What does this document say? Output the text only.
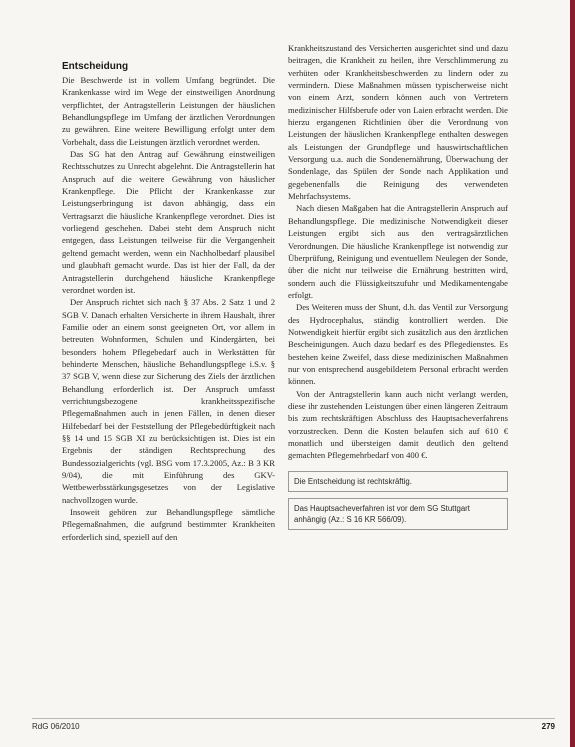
Entscheidung

Die Beschwerde ist in vollem Umfang begründet. Die Krankenkasse wird im Wege der einstweiligen Anordnung verpflichtet, der Antragstellerin Leistungen der häuslichen Behandlungspflege im Umfang der ärztlichen Verordnungen zu gewähren. Eine weitere Bewilligung erfolgt unter dem Vorbehalt, dass die Leistungen ärztlich verordnet werden.

Das SG hat den Antrag auf Gewährung einstweiligen Rechtsschutzes zu Unrecht abgelehnt. Die Antragstellerin hat Anspruch auf die weitere Gewährung von häuslicher Krankenpflege. Die Pflicht der Krankenkasse zur Leistungserbringung ist davon abhängig, dass ein Vertragsarzt die häusliche Krankenpflege verordnet. Dies ist vorliegend geschehen. Dabei steht dem Anspruch nicht entgegen, dass Leistungen teilweise für die Vergangenheit geltend gemacht werden, wenn ein Nachholbedarf plausibel und glaubhaft gemacht wurde. Das ist hier der Fall, da der Antragstellerin durchgehend häusliche Krankenpflege verordnet worden ist.

Der Anspruch richtet sich nach § 37 Abs. 2 Satz 1 und 2 SGB V. Danach erhalten Versicherte in ihrem Haushalt, ihrer Familie oder an einem sonst geeigneten Ort, vor allem in betreuten Wohnformen, Schulen und Kindergärten, bei besonders hohem Pflegebedarf auch in Werkstätten für behinderte Menschen, häusliche Behandlungspflege i.S.v. § 37 SGB V, wenn diese zur Sicherung des Ziels der ärztlichen Behandlung erforderlich ist. Der Anspruch umfasst verrichtungsbezogene krankheitsspezifische Pflegemaßnahmen auch in jenen Fällen, in denen dieser Hilfebedarf bei der Feststellung der Pflegebedürftigkeit nach §§ 14 und 15 SGB XI zu berücksichtigen ist. Dies ist ein Ergebnis der ständigen Rechtsprechung des Bundessozialgerichts (vgl. BSG vom 17.3.2005, Az.: B 3 KR 9/04), die mit Einführung des GKV-Wettbewerbsstärkungsgesetzes von der Legislative nachvollzogen wurde.

Insoweit gehören zur Behandlungspflege sämtliche Pflegemaßnahmen, die aufgrund bestimmter Krankheiten erforderlich sind, speziell auf den

Krankheitszustand des Versicherten ausgerichtet sind und dazu beitragen, die Krankheit zu heilen, ihre Verschlimmerung zu verhüten oder Krankheitsbeschwerden zu lindern oder zu vermindern. Diese Maßnahmen müssen typischerweise nicht von einem Arzt, sondern können auch von Vertretern medizinischer Hilfsberufe oder von Laien erbracht werden. Die hierzu ergangenen Richtlinien über die Verordnung von Leistungen der häuslichen Krankenpflege enthalten deswegen als Leistungen der Grundpflege und hauswirtschaftlichen Versorgung u.a. auch die Sondenernährung, Überwachung der Sondenlage, das Spülen der Sonde nach Applikation und gegebenenfalls die Reinigung des verwendeten Mehrfachsystems.

Nach diesen Maßgaben hat die Antragstellerin Anspruch auf Behandlungspflege. Die medizinische Notwendigkeit dieser Leistungen ergibt sich aus den vertragsärztlichen Verordnungen. Die häusliche Krankenpflege ist notwendig zur Überprüfung, Reinigung und eventuellem Neulegen der Sonde, über die nicht nur teilweise die Ernährung bestritten wird, sondern auch die Flüssigkeitszufuhr und Medikamentengabe erfolgt.

Des Weiteren muss der Shunt, d.h. das Ventil zur Versorgung des Hydrocephalus, ständig kontrolliert werden. Die Notwendigkeit hierfür ergibt sich zusätzlich aus den ärztlichen Bescheinigungen. Auch dazu bedarf es des Pflegedienstes. Es bestehen keine Zweifel, dass diese medizinischen Maßnahmen nur von entsprechend ausgebildetem Personal erbracht werden können.

Von der Antragstellerin kann auch nicht verlangt werden, diese ihr zustehenden Leistungen über einen längeren Zeitraum bis zum rechtskräftigen Abschluss des Hauptsacheverfahrens vorzustrecken. Denn die Kosten belaufen sich auf 610 € monatlich und übersteigen damit deutlich den geltend gemachten Pflegemehrbedarf von 400 €.

Die Entscheidung ist rechtskräftig.
Das Hauptsacheverfahren ist vor dem SG Stuttgart anhängig (Az.: S 16 KR 566/09).
RdG 06/2010	279
